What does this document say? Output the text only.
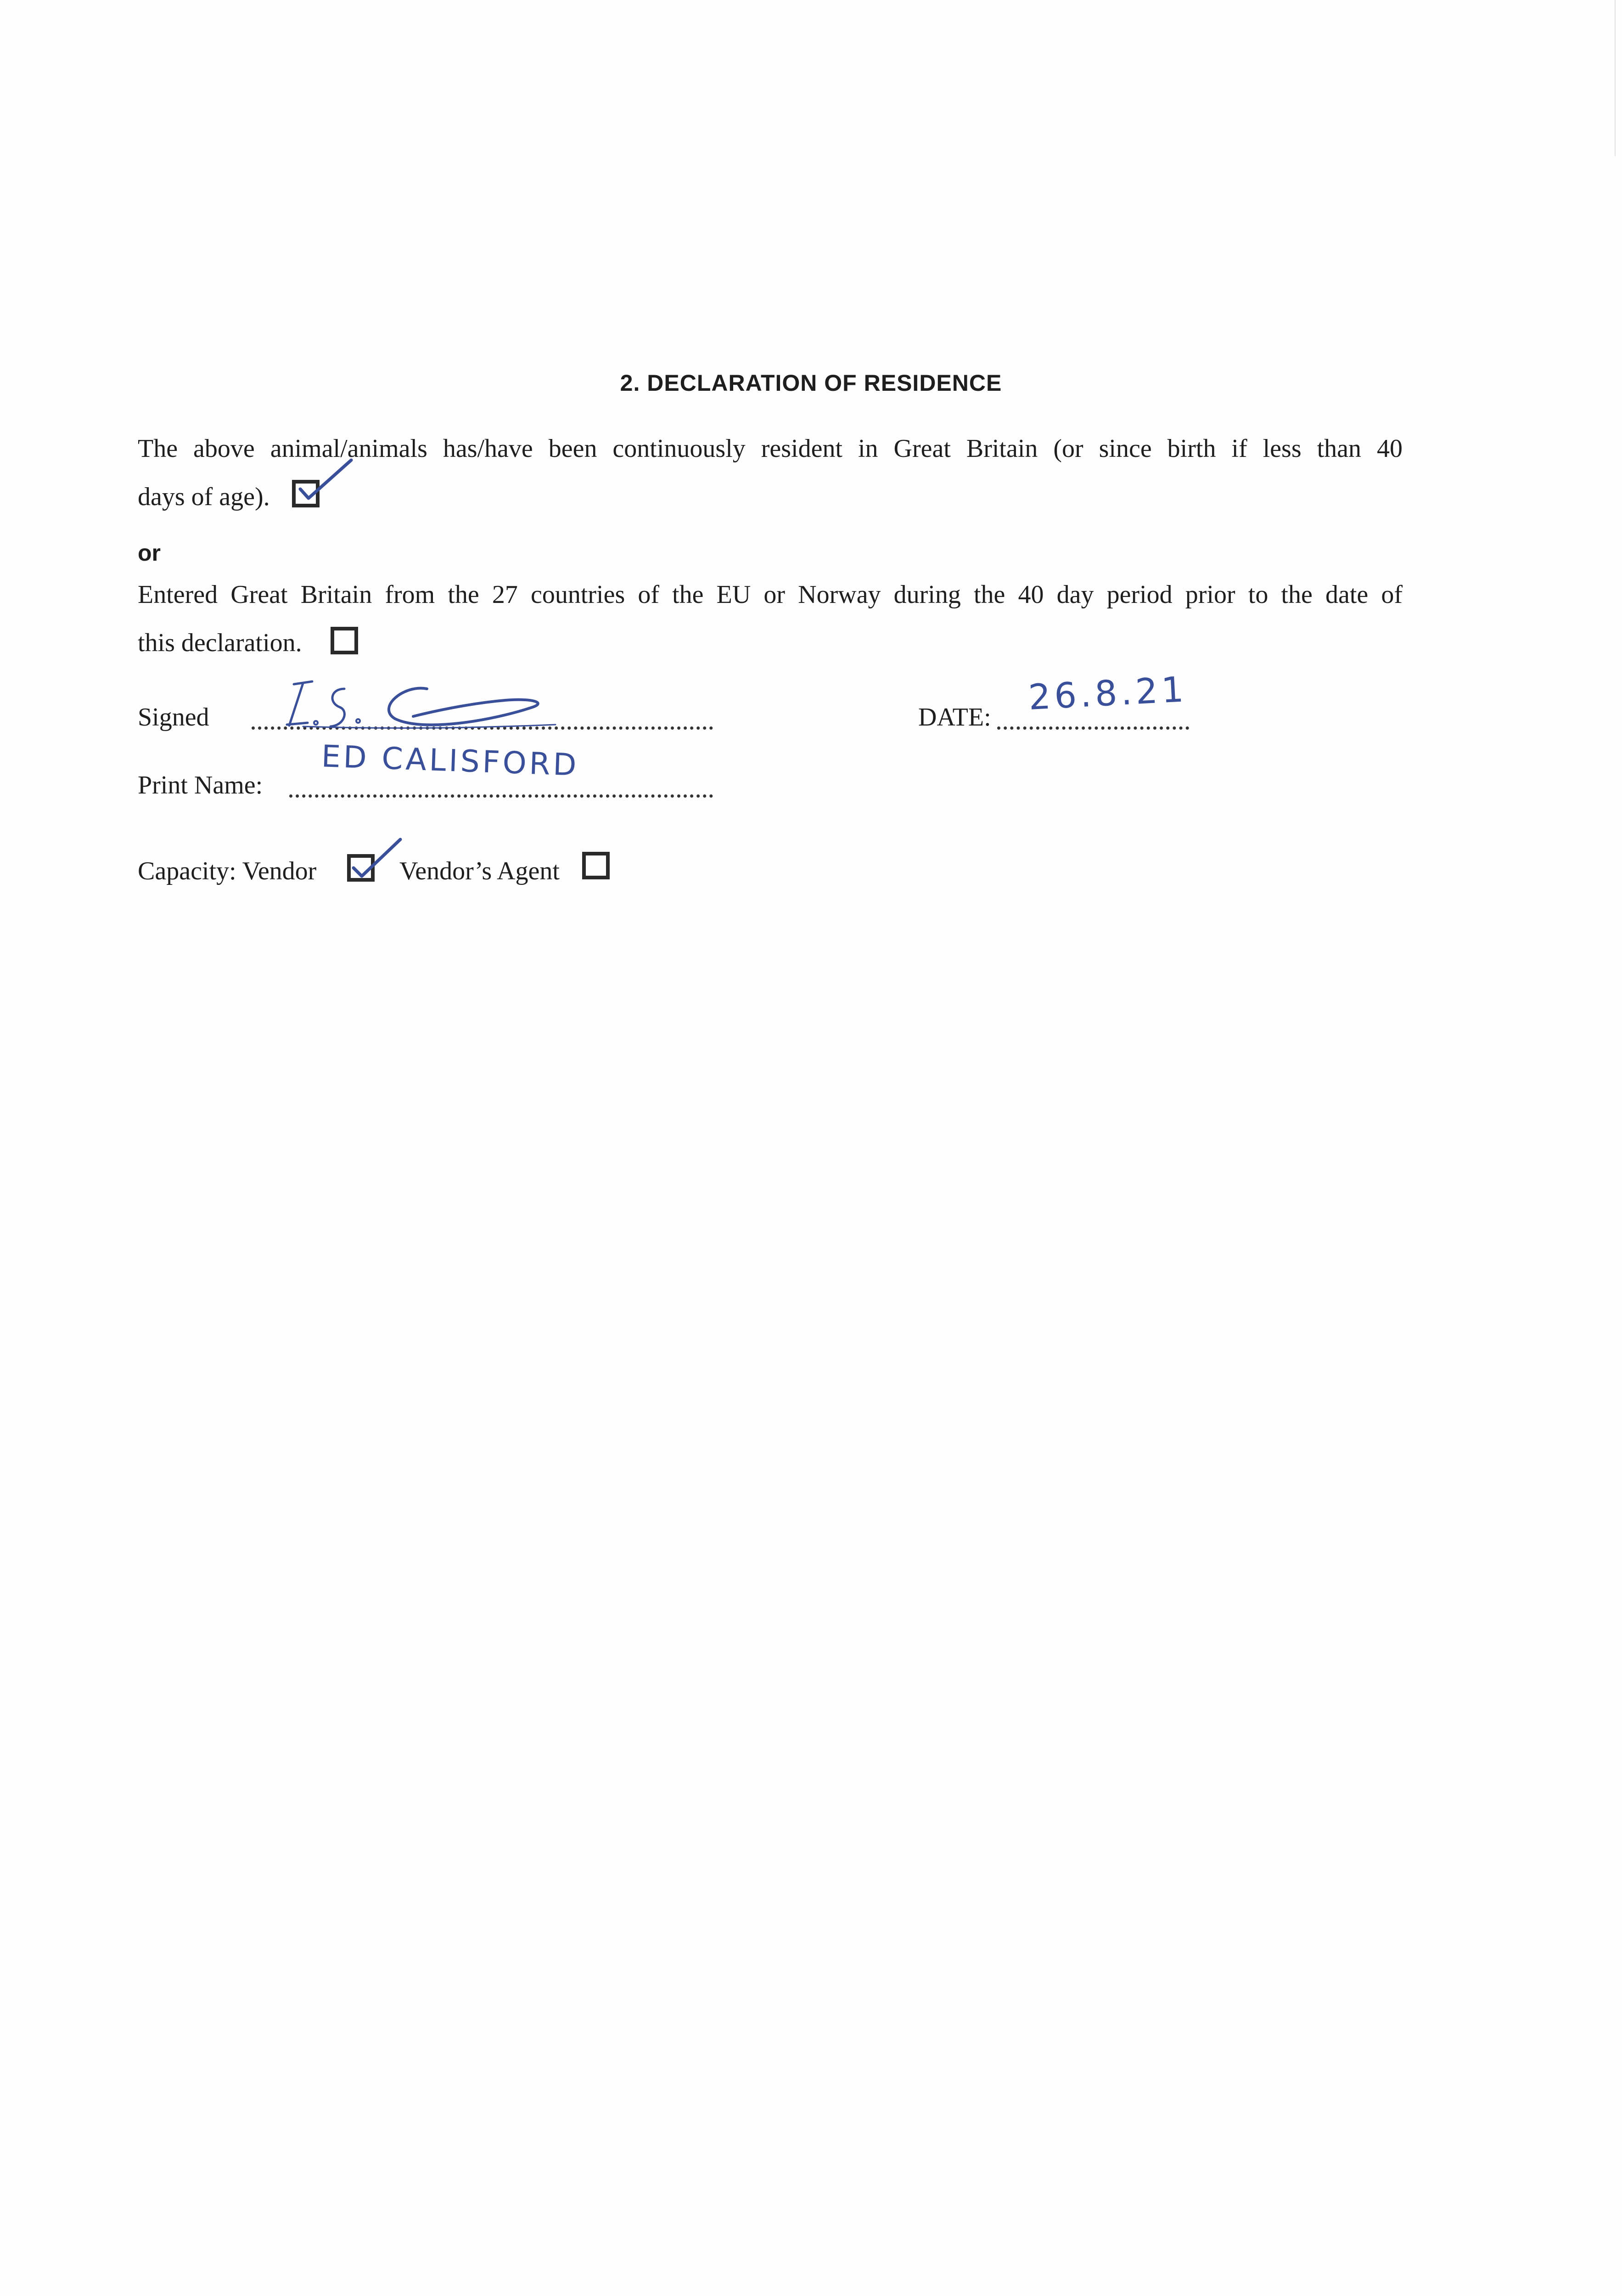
2. DECLARATION OF RESIDENCE
The above animal/animals has/have been continuously resident in Great Britain (or since birth if less than 40
days of age).
or
Entered Great Britain from the 27 countries of the EU or Norway during the 40 day period prior to the date of
this declaration.
Signed	DATE: 26.8.21
Print Name:
ED CALISFORD
Capacity: Vendor	Vendor’s Agent
